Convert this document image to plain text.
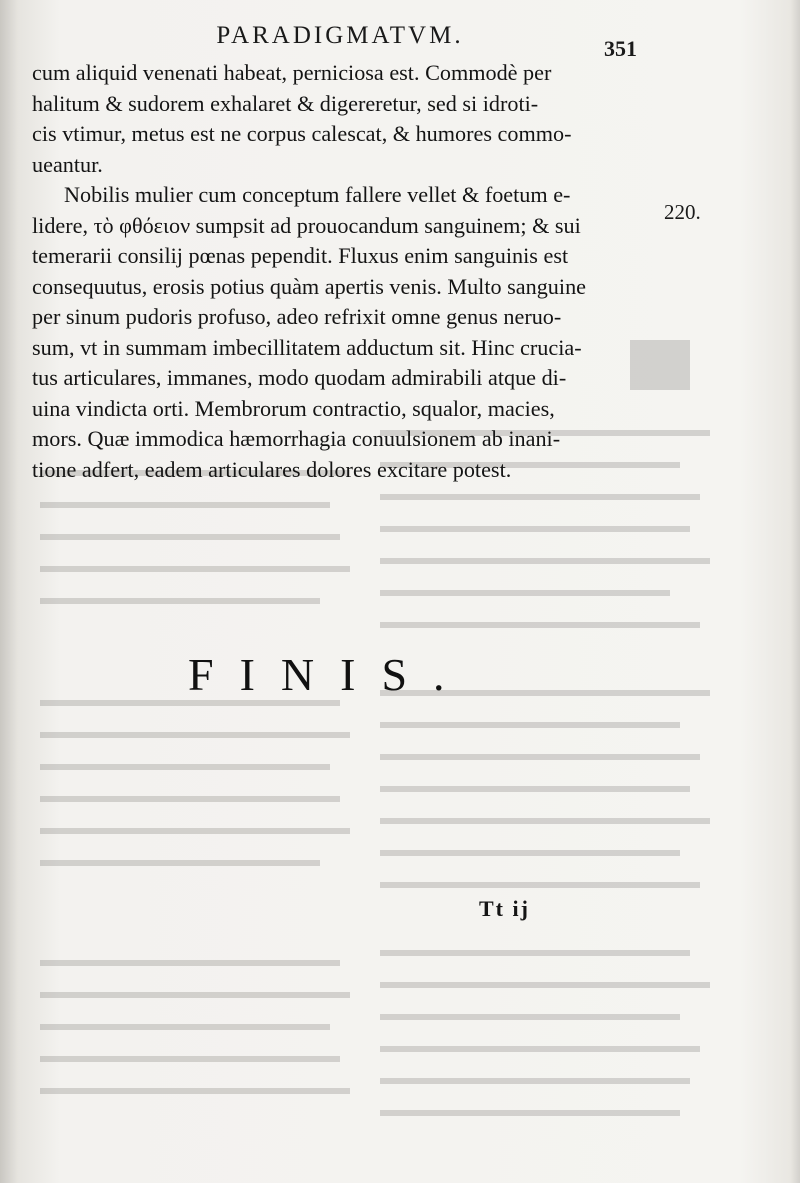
PARADIGMATVM.	351
cum aliquid venenati habeat, perniciosa est. Commodè per
halitum & sudorem exhalaret & digereretur, sed si idroti-
cis vtimur, metus est ne corpus calescat, & humores commo-
ueantur.
Nobilis mulier cum conceptum fallere vellet & foetum e-
lidere, τὸ φθόειον sumpsit ad prouocandum sanguinem; & sui
temerarii consilij pœnas pependit. Fluxus enim sanguinis est
consequutus, erosis potius quàm apertis venis. Multo sanguine
per sinum pudoris profuso, adeo refrixit omne genus neruo-
sum, vt in summam imbecillitatem adductum sit. Hinc crucia-
tus articulares, immanes, modo quodam admirabili atque di-
uina vindicta orti. Membrorum contractio, squalor, macies,
mors. Quæ immodica hæmorrhagia conuulsionem ab inani-
tione adfert, eadem articulares dolores excitare potest.
220.
FINIS.
Tt ij
